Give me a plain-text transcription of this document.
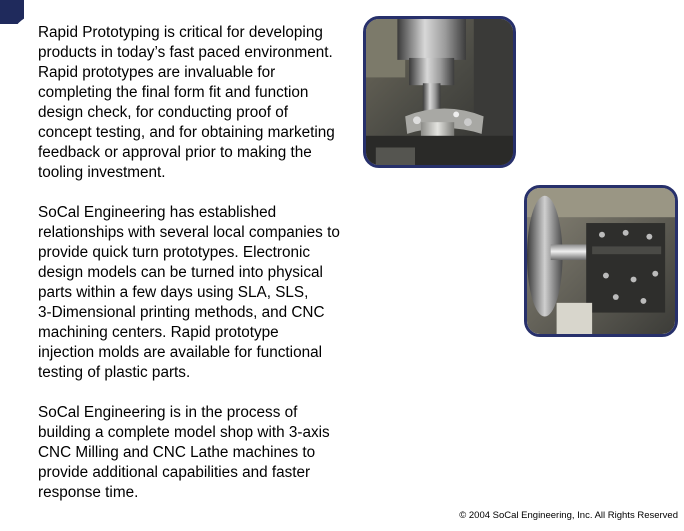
Rapid Prototyping is critical for developing
products in today’s fast paced environment.
Rapid prototypes are invaluable for
completing the final form fit and function
design check, for conducting proof of
concept testing, and for obtaining marketing
feedback or approval prior to making the
tooling investment.

SoCal Engineering has established
relationships with several local companies to
provide quick turn prototypes. Electronic
design models can be turned into physical
parts within a few days using SLA, SLS,
3-Dimensional printing methods, and CNC
machining centers. Rapid prototype
injection molds are available for functional
testing of plastic parts.

SoCal Engineering is in the process of
building a complete model shop with 3-axis
CNC Milling and CNC Lathe machines to
provide additional capabilities and faster
response time.

© 2004 SoCal Engineering, Inc. All Rights Reserved
